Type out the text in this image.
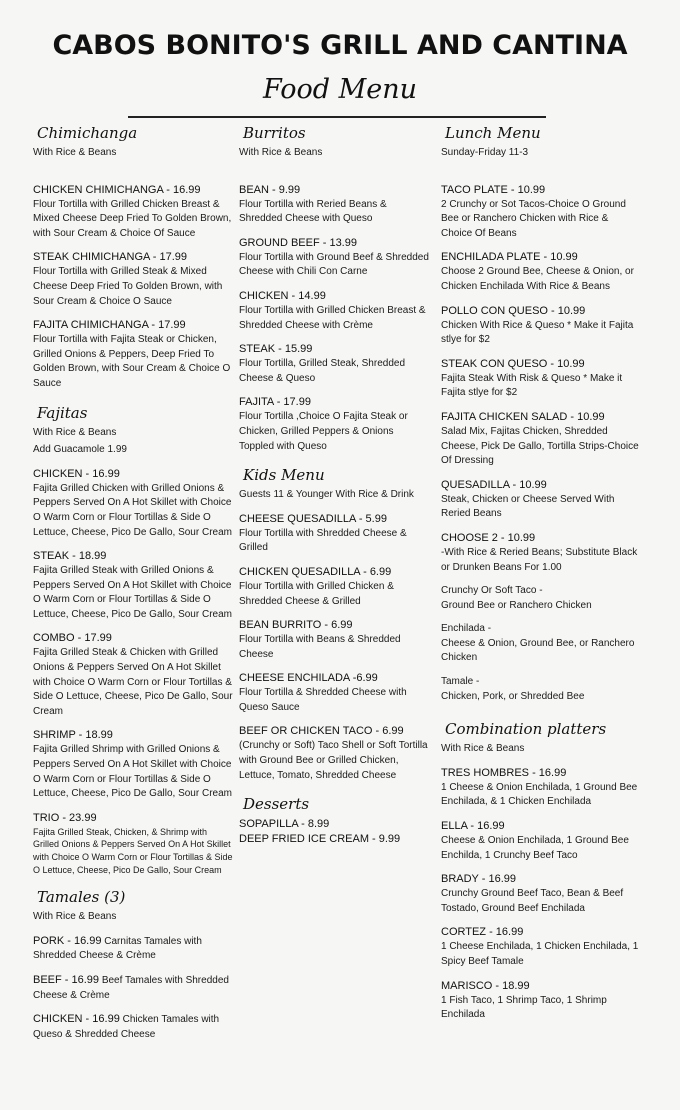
CABOS BONITO'S GRILL AND CANTINA
Food Menu
Chimichanga
With Rice & Beans
CHICKEN CHIMICHANGA - 16.99
Flour Tortilla with Grilled Chicken Breast & Mixed Cheese Deep Fried To Golden Brown, with Sour Cream & Choice Of Sauce
STEAK CHIMICHANGA - 17.99
Flour Tortilla with Grilled Steak & Mixed Cheese Deep Fried To Golden Brown, with Sour Cream & Choice O Sauce
FAJITA CHIMICHANGA - 17.99
Flour Tortilla with Fajita Steak or Chicken, Grilled Onions & Peppers, Deep Fried To Golden Brown, with Sour Cream & Choice O Sauce
Fajitas
With Rice & Beans
Add Guacamole 1.99
CHICKEN - 16.99
Fajita Grilled Chicken with Grilled Onions & Peppers Served On A Hot Skillet with Choice O Warm Corn or Flour Tortillas & Side O Lettuce, Cheese, Pico De Gallo, Sour Cream
STEAK - 18.99
Fajita Grilled Steak with Grilled Onions & Peppers Served On A Hot Skillet with Choice O Warm Corn or Flour Tortillas & Side O Lettuce, Cheese, Pico De Gallo, Sour Cream
COMBO - 17.99
Fajita Grilled Steak & Chicken with Grilled Onions & Peppers Served On A Hot Skillet with Choice O Warm Corn or Flour Tortillas & Side O Lettuce, Cheese, Pico De Gallo, Sour Cream
SHRIMP - 18.99
Fajita Grilled Shrimp with Grilled Onions & Peppers Served On A Hot Skillet with Choice O Warm Corn or Flour Tortillas & Side O Lettuce, Cheese, Pico De Gallo, Sour Cream
TRIO - 23.99
Fajita Grilled Steak, Chicken, & Shrimp with Grilled Onions & Peppers Served On A Hot Skillet with Choice O Warm Corn or Flour Tortillas & Side O Lettuce, Cheese, Pico De Gallo, Sour Cream
Tamales (3)
With Rice & Beans
PORK - 16.99 Carnitas Tamales with Shredded Cheese & Crème
BEEF - 16.99 Beef Tamales with Shredded Cheese & Crème
CHICKEN - 16.99 Chicken Tamales with Queso & Shredded Cheese
Burritos
With Rice & Beans
BEAN - 9.99
Flour Tortilla with Reried Beans & Shredded Cheese with Queso
GROUND BEEF - 13.99
Flour Tortilla with Ground Beef & Shredded Cheese with Chili Con Carne
CHICKEN - 14.99
Flour Tortilla with Grilled Chicken Breast & Shredded Cheese with Crème
STEAK - 15.99
Flour Tortilla, Grilled Steak, Shredded Cheese & Queso
FAJITA - 17.99
Flour Tortilla ,Choice O Fajita Steak or Chicken, Grilled Peppers & Onions Toppled with Queso
Kids Menu
Guests 11 & Younger With Rice & Drink
CHEESE QUESADILLA - 5.99
Flour Tortilla with Shredded Cheese & Grilled
CHICKEN QUESADILLA - 6.99
Flour Tortilla with Grilled Chicken & Shredded Cheese & Grilled
BEAN BURRITO - 6.99
Flour Tortilla with Beans & Shredded Cheese
CHEESE ENCHILADA -6.99
Flour Tortilla & Shredded Cheese with Queso Sauce
BEEF OR CHICKEN TACO - 6.99
(Crunchy or Soft) Taco Shell or Soft Tortilla with Ground Bee or Grilled Chicken, Lettuce, Tomato, Shredded Cheese
Desserts
SOPAPILLA - 8.99
DEEP FRIED ICE CREAM - 9.99
Lunch Menu
Sunday-Friday 11-3
TACO PLATE - 10.99
2 Crunchy or Sot Tacos-Choice O Ground Bee or Ranchero Chicken with Rice & Choice Of Beans
ENCHILADA PLATE - 10.99
Choose 2 Ground Bee, Cheese & Onion, or Chicken Enchilada With Rice & Beans
POLLO CON QUESO - 10.99
Chicken With Rice & Queso * Make it Fajita stlye for $2
STEAK CON QUESO - 10.99
Fajita Steak With Risk & Queso * Make it Fajita stlye for $2
FAJITA CHICKEN SALAD - 10.99
Salad Mix, Fajitas Chicken, Shredded Cheese, Pick De Gallo, Tortilla Strips-Choice Of Dressing
QUESADILLA - 10.99
Steak, Chicken or Cheese Served With Reried Beans
CHOOSE 2 - 10.99
-With Rice & Reried Beans; Substitute Black or Drunken Beans For 1.00
Crunchy Or Soft Taco -
Ground Bee or Ranchero Chicken
Enchilada -
Cheese & Onion, Ground Bee, or Ranchero Chicken
Tamale -
Chicken, Pork, or Shredded Bee
Combination platters
With Rice & Beans
TRES HOMBRES - 16.99
1 Cheese & Onion Enchilada, 1 Ground Bee Enchilada, & 1 Chicken Enchilada
ELLA - 16.99
Cheese & Onion Enchilada, 1 Ground Bee Enchilda, 1 Crunchy Beef Taco
BRADY - 16.99
Crunchy Ground Beef Taco, Bean & Beef Tostado, Ground Beef Enchilada
CORTEZ - 16.99
1 Cheese Enchilada, 1 Chicken Enchilada, 1 Spicy Beef Tamale
MARISCO - 18.99
1 Fish Taco, 1 Shrimp Taco, 1 Shrimp Enchilada
